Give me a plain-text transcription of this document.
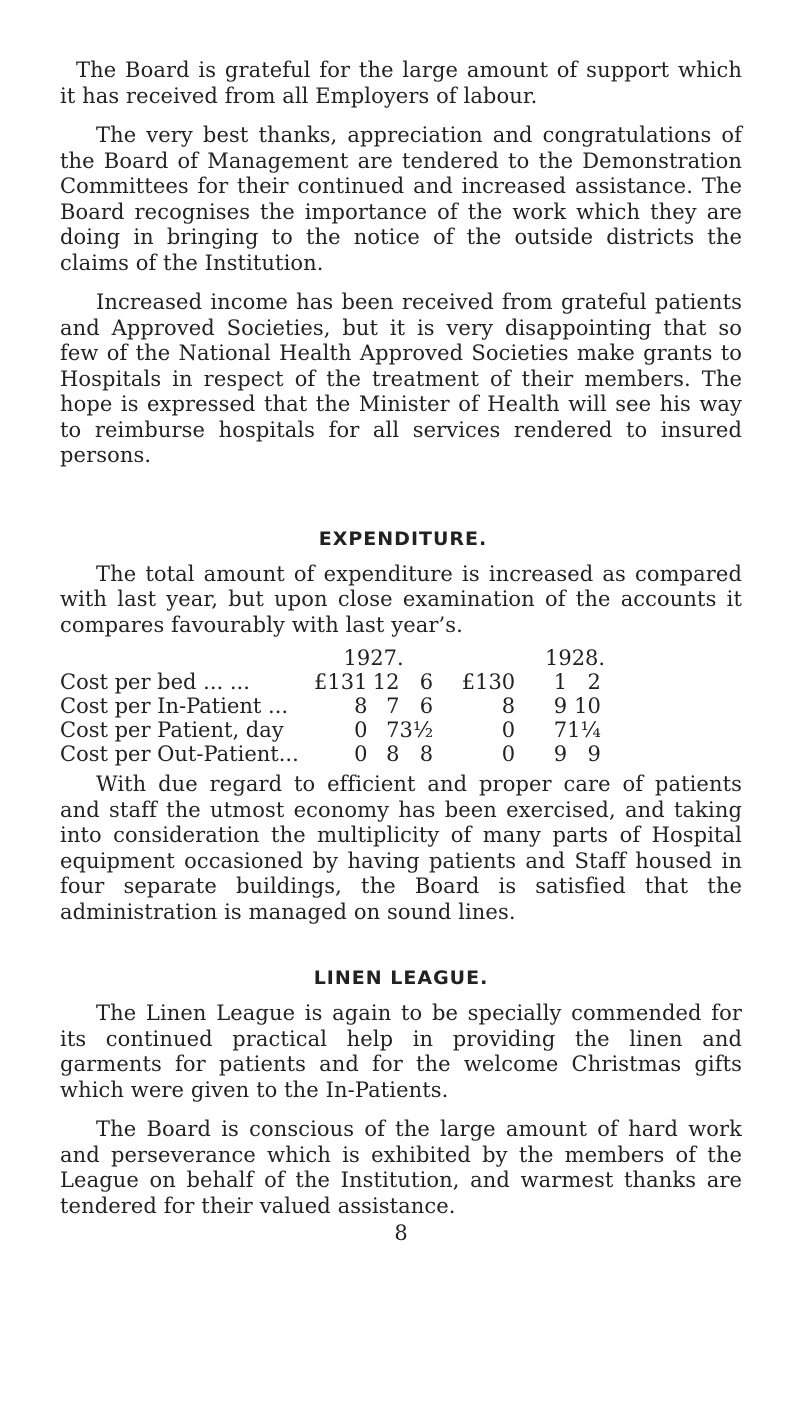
The Board is grateful for the large amount of support which it has received from all Employers of labour.

The very best thanks, appreciation and congratulations of the Board of Management are tendered to the Demonstration Committees for their continued and increased assistance. The Board recognises the importance of the work which they are doing in bringing to the notice of the outside districts the claims of the Institution.

Increased income has been received from grateful patients and Approved Societies, but it is very disappointing that so few of the National Health Approved Societies make grants to Hospitals in respect of the treatment of their members. The hope is expressed that the Minister of Health will see his way to reimburse hospitals for all services rendered to insured persons.

EXPENDITURE.

The total amount of expenditure is increased as compared with last year, but upon close examination of the accounts it compares favourably with last year’s.

	1927.				1928.	
Cost per bed ... ...	£131	12	6	£130	1	2
Cost per In-Patient ...	8	7	6	8	9	10
Cost per Patient, day	0	7	3½	0	7	1¼
Cost per Out-Patient...	0	8	8	0	9	9

With due regard to efficient and proper care of patients and staff the utmost economy has been exercised, and taking into consideration the multiplicity of many parts of Hospital equipment occasioned by having patients and Staff housed in four separate buildings, the Board is satisfied that the administration is managed on sound lines.

LINEN LEAGUE.

The Linen League is again to be specially commended for its continued practical help in providing the linen and garments for patients and for the welcome Christmas gifts which were given to the In-Patients.

The Board is conscious of the large amount of hard work and perseverance which is exhibited by the members of the League on behalf of the Institution, and warmest thanks are tendered for their valued assistance.

8
